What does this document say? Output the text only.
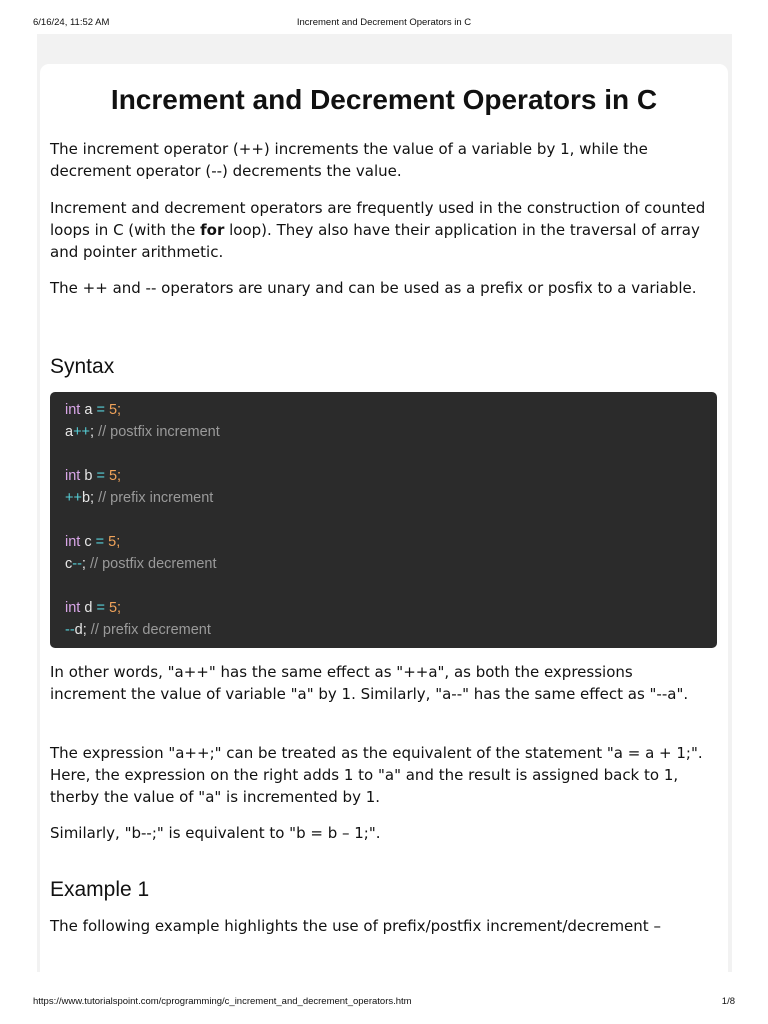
6/16/24, 11:52 AM	Increment and Decrement Operators in C
Increment and Decrement Operators in C

The increment operator (++) increments the value of a variable by 1, while the decrement operator (--) decrements the value.

Increment and decrement operators are frequently used in the construction of counted loops in C (with the for loop). They also have their application in the traversal of array and pointer arithmetic.

The ++ and -- operators are unary and can be used as a prefix or posfix to a variable.

Syntax

In other words, "a++" has the same effect as "++a", as both the expressions increment the value of variable "a" by 1. Similarly, "a--" has the same effect as "--a".

The expression "a++;" can be treated as the equivalent of the statement "a = a + 1;". Here, the expression on the right adds 1 to "a" and the result is assigned back to 1, therby the value of "a" is incremented by 1.

Similarly, "b--;" is equivalent to "b = b – 1;".

Example 1

The following example highlights the use of prefix/postfix increment/decrement –

int a = 5;
a++; // postfix increment
int b = 5;
++b; // prefix increment
int c = 5;
c--; // postfix decrement
int d = 5;
--d; // prefix decrement
https://www.tutorialspoint.com/cprogramming/c_increment_and_decrement_operators.htm	1/8
